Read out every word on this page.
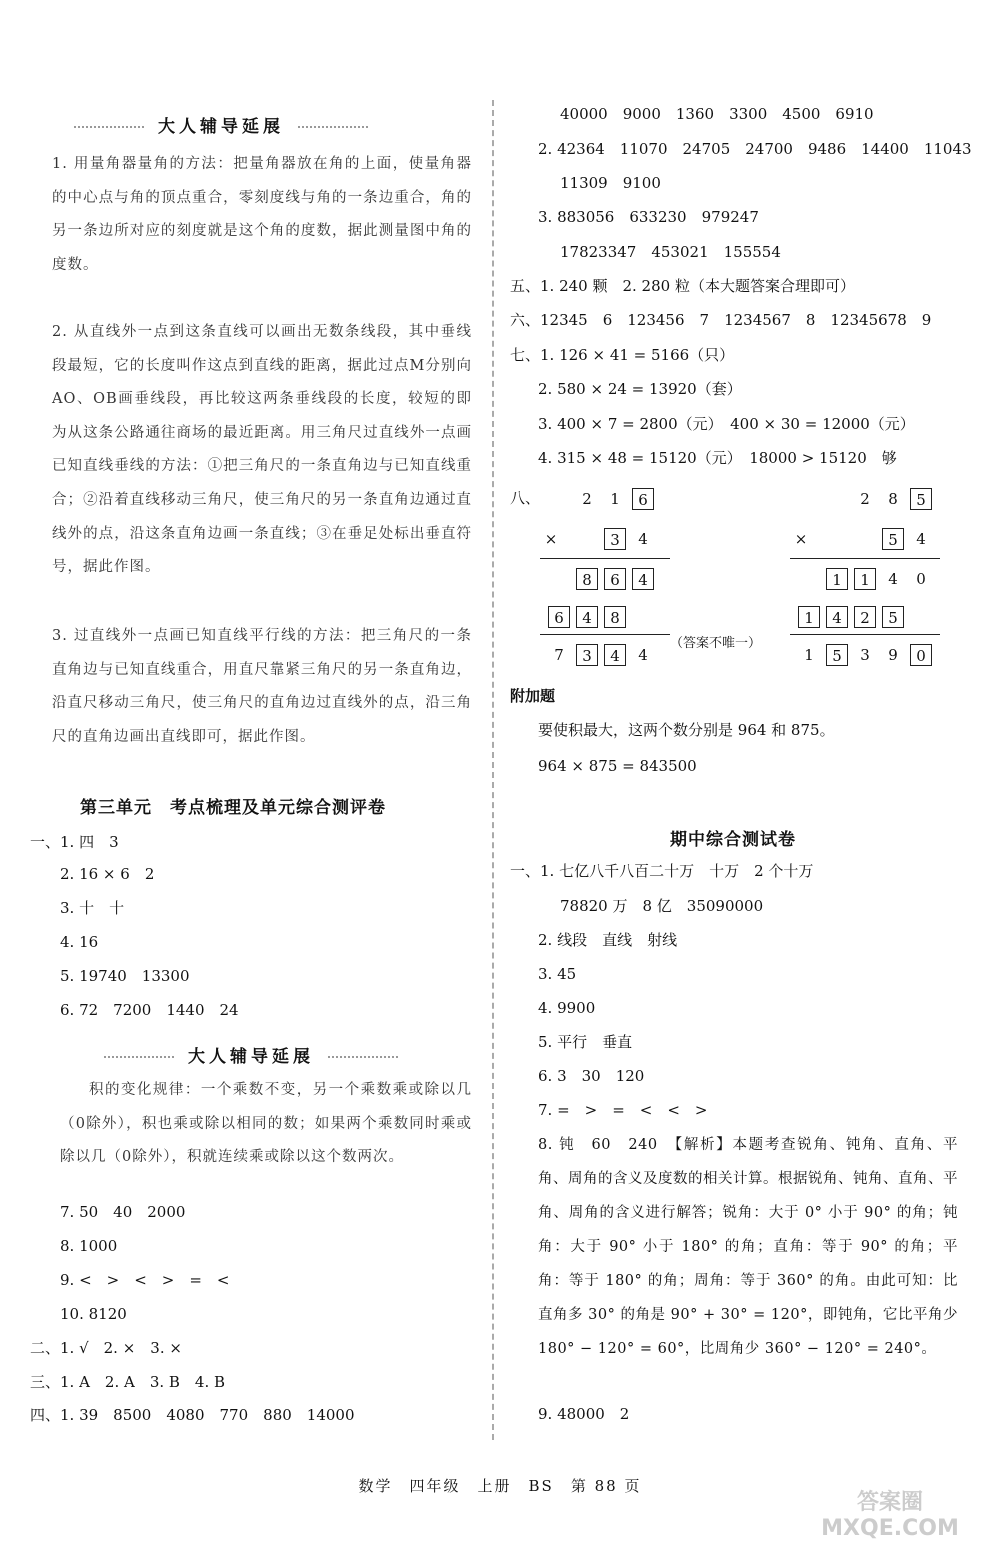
大人辅导延展
1. 用量角器量角的方法：把量角器放在角的上面，使量角器的中心点与角的顶点重合，零刻度线与角的一条边重合，角的另一条边所对应的刻度就是这个角的度数，据此测量图中角的度数。
2. 从直线外一点到这条直线可以画出无数条线段，其中垂线段最短，它的长度叫作这点到直线的距离，据此过点M分别向AO、OB画垂线段，再比较这两条垂线段的长度，较短的即为从这条公路通往商场的最近距离。用三角尺过直线外一点画已知直线垂线的方法：①把三角尺的一条直角边与已知直线重合；②沿着直线移动三角尺，使三角尺的另一条直角边通过直线外的点，沿这条直角边画一条直线；③在垂足处标出垂直符号，据此作图。
3. 过直线外一点画已知直线平行线的方法：把三角尺的一条直角边与已知直线重合，用直尺靠紧三角尺的另一条直角边，沿直尺移动三角尺，使三角尺的直角边过直线外的点，沿三角尺的直角边画出直线即可，据此作图。
第三单元　考点梳理及单元综合测评卷
一、1. 四　3
2. 16 × 6　2
3. 十　十
4. 16
5. 19740　13300
6. 72　7200　1440　24
大人辅导延展
积的变化规律：一个乘数不变，另一个乘数乘或除以几（0除外），积也乘或除以相同的数；如果两个乘数同时乘或除以几（0除外），积就连续乘或除以这个数两次。
7. 50　40　2000
8. 1000
9. <　>　<　>　=　<
10. 8120
二、1. √　2. ×　3. ×
三、1. A　2. A　3. B　4. B
四、1. 39　8500　4080　770　880　14000
40000　9000　1360　3300　4500　6910
2. 42364　11070　24705　24700　9486　14400　11043
11309　9100
3. 883056　633230　979247
17823347　453021　155554
五、1. 240 颗　2. 280 粒（本大题答案合理即可）
六、12345　6　123456　7　1234567　8　12345678　9
七、1. 126 × 41 = 5166（只）
2. 580 × 24 = 13920（套）
3. 400 × 7 = 2800（元）　400 × 30 = 12000（元）
4. 315 × 48 = 15120（元）　18000 > 15120　够
八、	2	1	6
×	3	4
8	6	4
6	4	8
7	3	4	4
（答案不唯一）
2	8	5
×	5	4
1	1	4	0
1	4	2	5
1	5	3	9	0
附加题
要使积最大，这两个数分别是 964 和 875。
964 × 875 = 843500
期中综合测试卷
一、1. 七亿八千八百二十万　十万　2 个十万
78820 万　8 亿　35090000
2. 线段　直线　射线
3. 45
4. 9900
5. 平行　垂直
6. 3　30　120
7. =　>　=　<　<　>
8. 钝　60　240　【解析】本题考查锐角、钝角、直角、平角、周角的含义及度数的相关计算。根据锐角、钝角、直角、平角、周角的含义进行解答；锐角：大于 0° 小于 90° 的角；钝角：大于 90° 小于 180° 的角；直角：等于 90° 的角；平角：等于 180° 的角；周角：等于 360° 的角。由此可知：比直角多 30° 的角是 90° + 30° = 120°，即钝角，它比平角少 180° − 120° = 60°，比周角少 360° − 120° = 240°。
9. 48000　2
数学　四年级　上册　BS　第 88 页
答案圈 MXQE.COM
